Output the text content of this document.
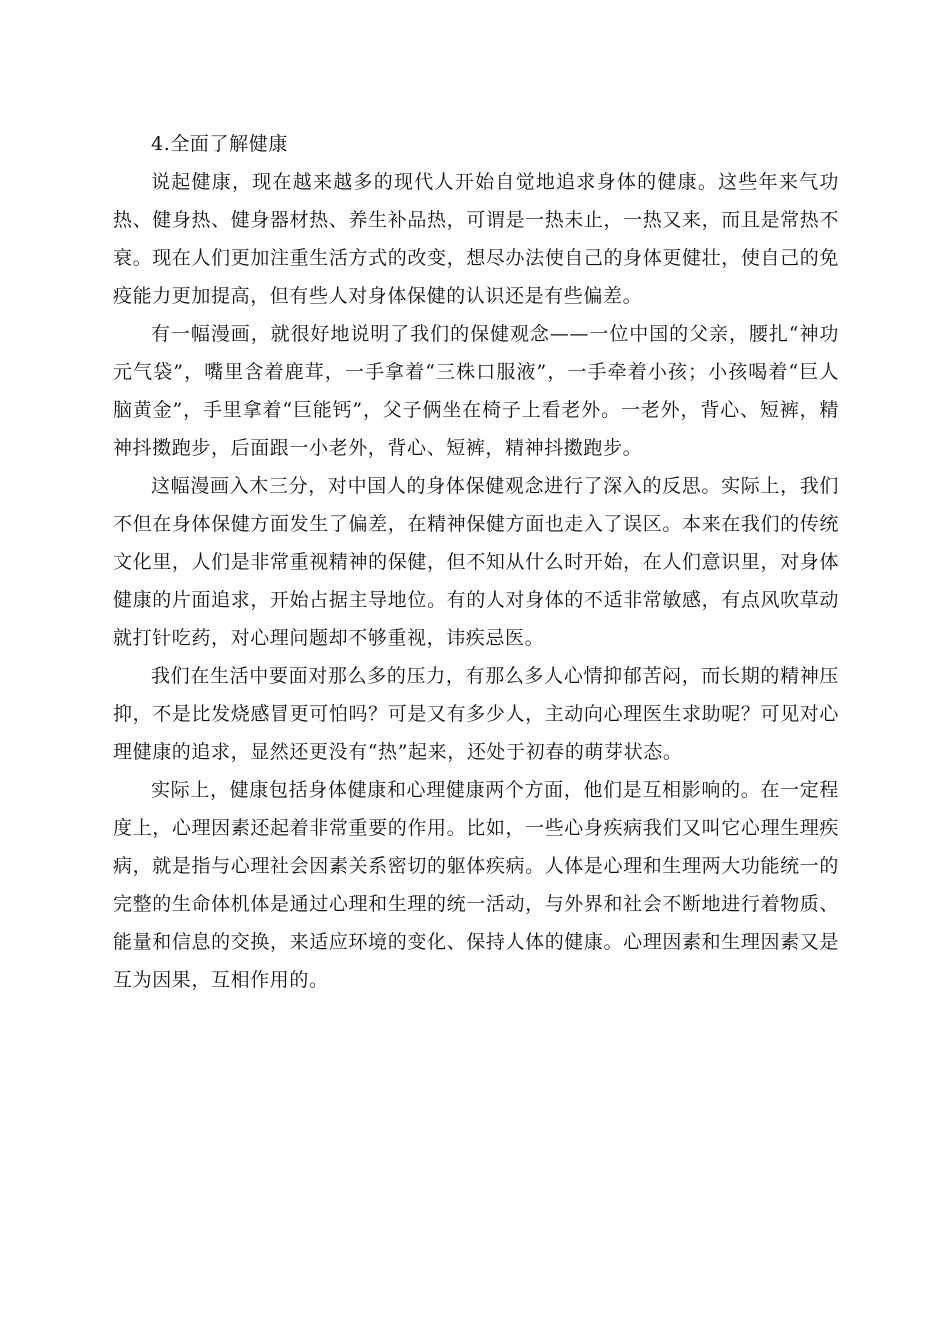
4.全面了解健康

说起健康，现在越来越多的现代人开始自觉地追求身体的健康。这些年来气功热、健身热、健身器材热、养生补品热，可谓是一热未止，一热又来，而且是常热不衰。现在人们更加注重生活方式的改变，想尽办法使自己的身体更健壮，使自己的免疫能力更加提高，但有些人对身体保健的认识还是有些偏差。

有一幅漫画，就很好地说明了我们的保健观念——一位中国的父亲，腰扎“神功元气袋”，嘴里含着鹿茸，一手拿着“三株口服液”，一手牵着小孩；小孩喝着“巨人脑黄金”，手里拿着“巨能钙”，父子俩坐在椅子上看老外。一老外，背心、短裤，精神抖擞跑步，后面跟一小老外，背心、短裤，精神抖擞跑步。

这幅漫画入木三分，对中国人的身体保健观念进行了深入的反思。实际上，我们不但在身体保健方面发生了偏差，在精神保健方面也走入了误区。本来在我们的传统文化里，人们是非常重视精神的保健，但不知从什么时开始，在人们意识里，对身体健康的片面追求，开始占据主导地位。有的人对身体的不适非常敏感，有点风吹草动就打针吃药，对心理问题却不够重视，讳疾忌医。

我们在生活中要面对那么多的压力，有那么多人心情抑郁苦闷，而长期的精神压抑，不是比发烧感冒更可怕吗？可是又有多少人，主动向心理医生求助呢？可见对心理健康的追求，显然还更没有“热”起来，还处于初春的萌芽状态。

实际上，健康包括身体健康和心理健康两个方面，他们是互相影响的。在一定程度上，心理因素还起着非常重要的作用。比如，一些心身疾病我们又叫它心理生理疾病，就是指与心理社会因素关系密切的躯体疾病。人体是心理和生理两大功能统一的完整的生命体机体是通过心理和生理的统一活动，与外界和社会不断地进行着物质、能量和信息的交换，来适应环境的变化、保持人体的健康。心理因素和生理因素又是互为因果，互相作用的。
